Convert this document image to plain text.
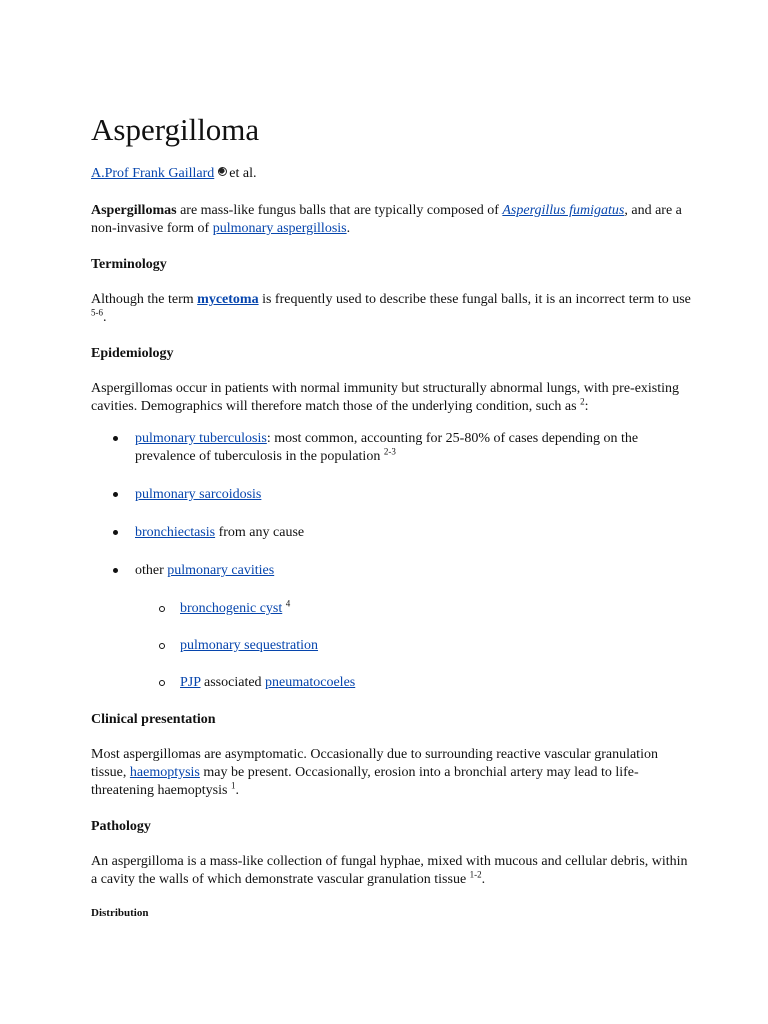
Aspergilloma
A.Prof Frank Gaillard et al.

Aspergillomas are mass-like fungus balls that are typically composed of Aspergillus fumigatus, and are a non-invasive form of pulmonary aspergillosis.

Terminology

Although the term mycetoma is frequently used to describe these fungal balls, it is an incorrect term to use $^{5-6}$.

Epidemiology

Aspergillomas occur in patients with normal immunity but structurally abnormal lungs, with pre-existing cavities. Demographics will therefore match those of the underlying condition, such as $^2$:

pulmonary tuberculosis: most common, accounting for 25-80% of cases depending on the prevalence of tuberculosis in the population $^{2-3}$
pulmonary sarcoidosis
bronchiectasis from any cause
other pulmonary cavities
bronchogenic cyst $^4$
pulmonary sequestration
PJP associated pneumatocoeles
Clinical presentation

Most aspergillomas are asymptomatic. Occasionally due to surrounding reactive vascular granulation tissue, haemoptysis may be present. Occasionally, erosion into a bronchial artery may lead to life-threatening haemoptysis $^1$.

Pathology

An aspergilloma is a mass-like collection of fungal hyphae, mixed with mucous and cellular debris, within a cavity the walls of which demonstrate vascular granulation tissue $^{1-2}$.

Distribution
